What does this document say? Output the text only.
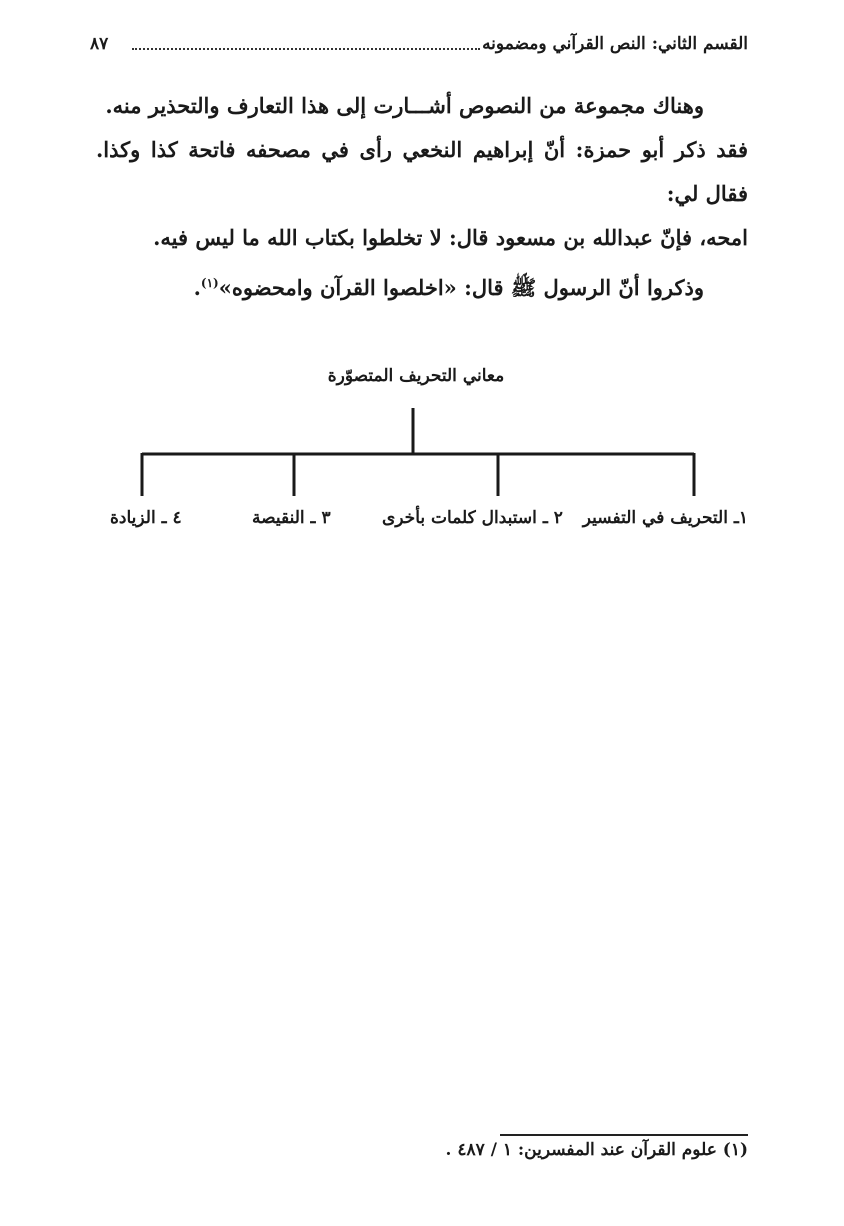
القسم الثاني: النص القرآني ومضمونه
٨٧

وهناك مجموعة من النصوص أشـــارت إلى هذا التعارف والتحذير منه.

فقد ذكر أبو حمزة: أنّ إبراهيم النخعي رأى في مصحفه فاتحة كذا وكذا. فقال لي:

امحه، فإنّ عبدالله بن مسعود قال: لا تخلطوا بكتاب الله ما ليس فيه.

وذكروا أنّ الرسول ﷺ قال: «اخلصوا القرآن وامحضوه»$^{(١)}$.

معاني التحريف المتصوّرة
١ـ التحريف في التفسير
٢ ـ استبدال كلمات بأخرى
٣ ـ النقيصة
٤ ـ الزيادة
(١) علوم القرآن عند المفسرين: ١ / ٤٨٧ .
